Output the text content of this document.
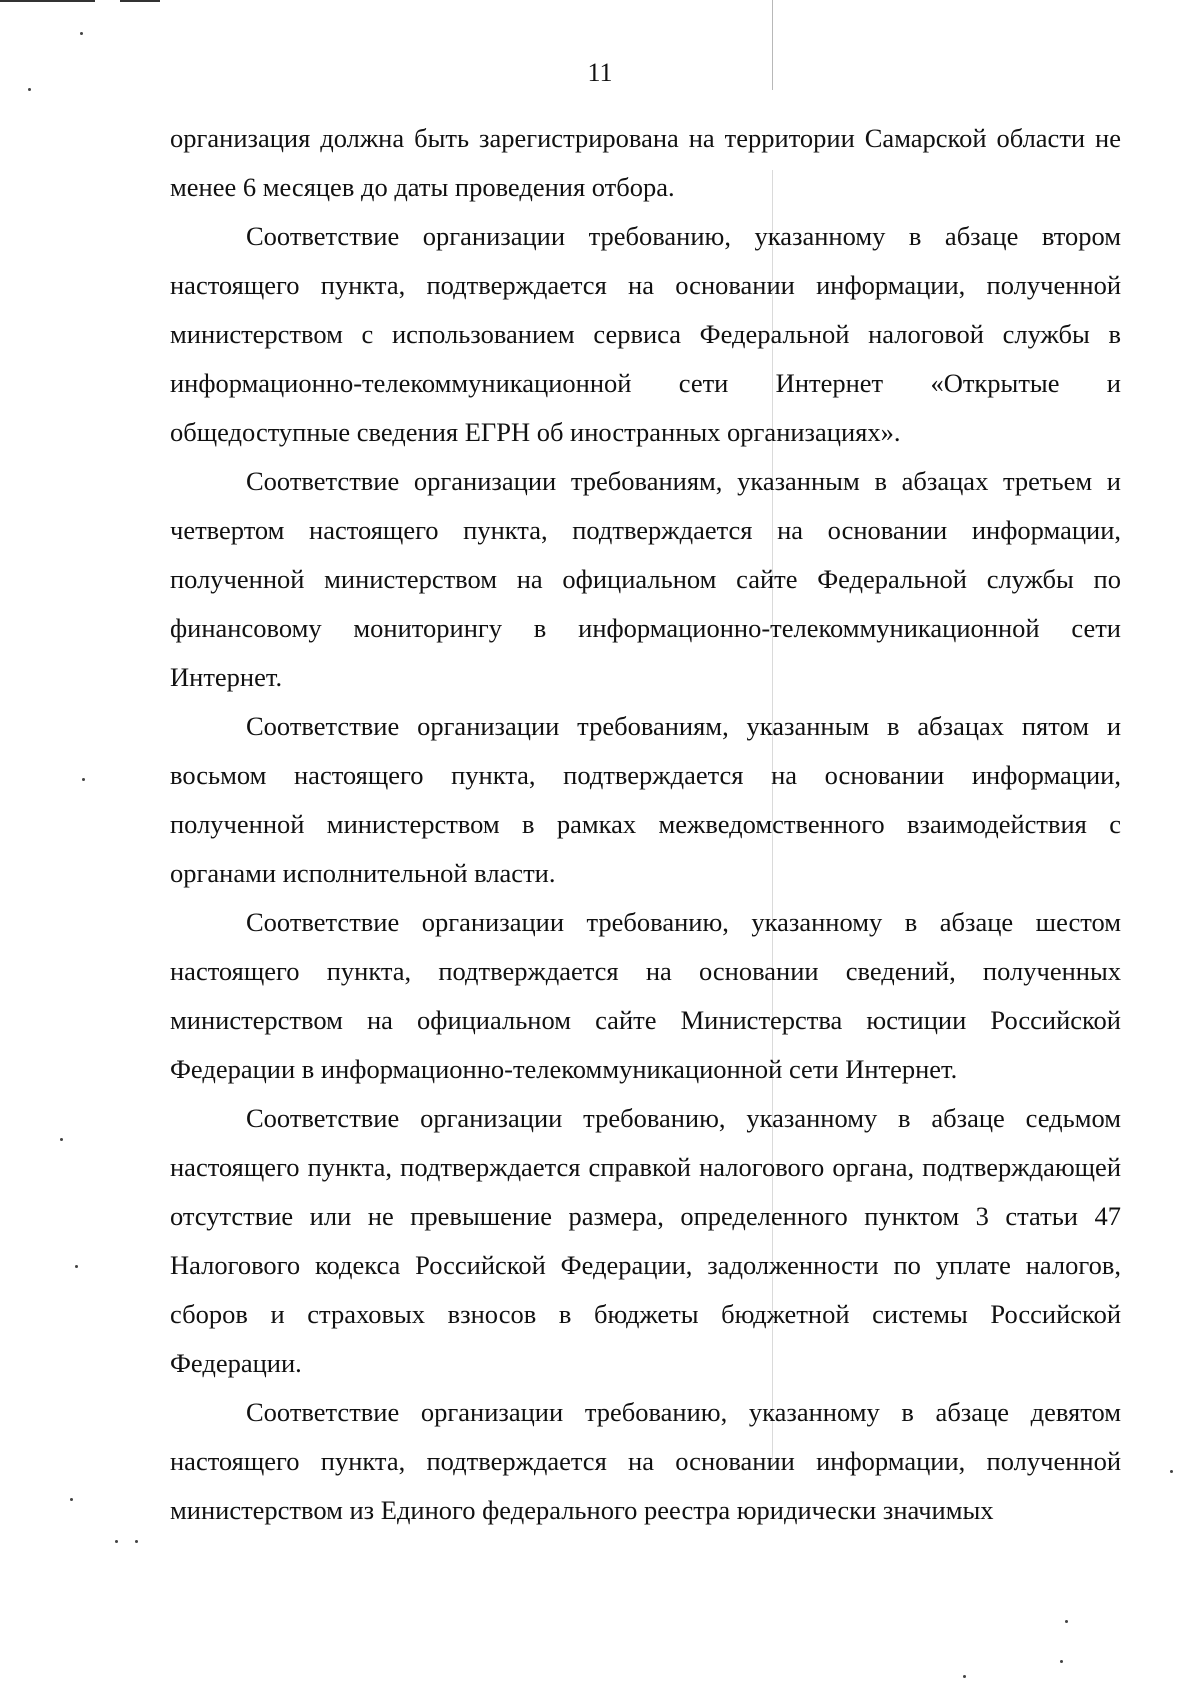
11

организация должна быть зарегистрирована на территории Самарской области не менее 6 месяцев до даты проведения отбора.

Соответствие организации требованию, указанному в абзаце втором настоящего пункта, подтверждается на основании информации, полученной министерством с использованием сервиса Федеральной налоговой службы в информационно-телекоммуникационной сети Интернет «Открытые и общедоступные сведения ЕГРН об иностранных организациях».

Соответствие организации требованиям, указанным в абзацах третьем и четвертом настоящего пункта, подтверждается на основании информации, полученной министерством на официальном сайте Федеральной службы по финансовому мониторингу в информационно-телекоммуникационной сети Интернет.

Соответствие организации требованиям, указанным в абзацах пятом и восьмом настоящего пункта, подтверждается на основании информации, полученной министерством в рамках межведомственного взаимодействия с органами исполнительной власти.

Соответствие организации требованию, указанному в абзаце шестом настоящего пункта, подтверждается на основании сведений, полученных министерством на официальном сайте Министерства юстиции Российской Федерации в информационно-телекоммуникационной сети Интернет.

Соответствие организации требованию, указанному в абзаце седьмом настоящего пункта, подтверждается справкой налогового органа, подтверждающей отсутствие или не превышение размера, определенного пунктом 3 статьи 47 Налогового кодекса Российской Федерации, задолженности по уплате налогов, сборов и страховых взносов в бюджеты бюджетной системы Российской Федерации.

Соответствие организации требованию, указанному в абзаце девятом настоящего пункта, подтверждается на основании информации, полученной министерством из Единого федерального реестра юридически значимых
